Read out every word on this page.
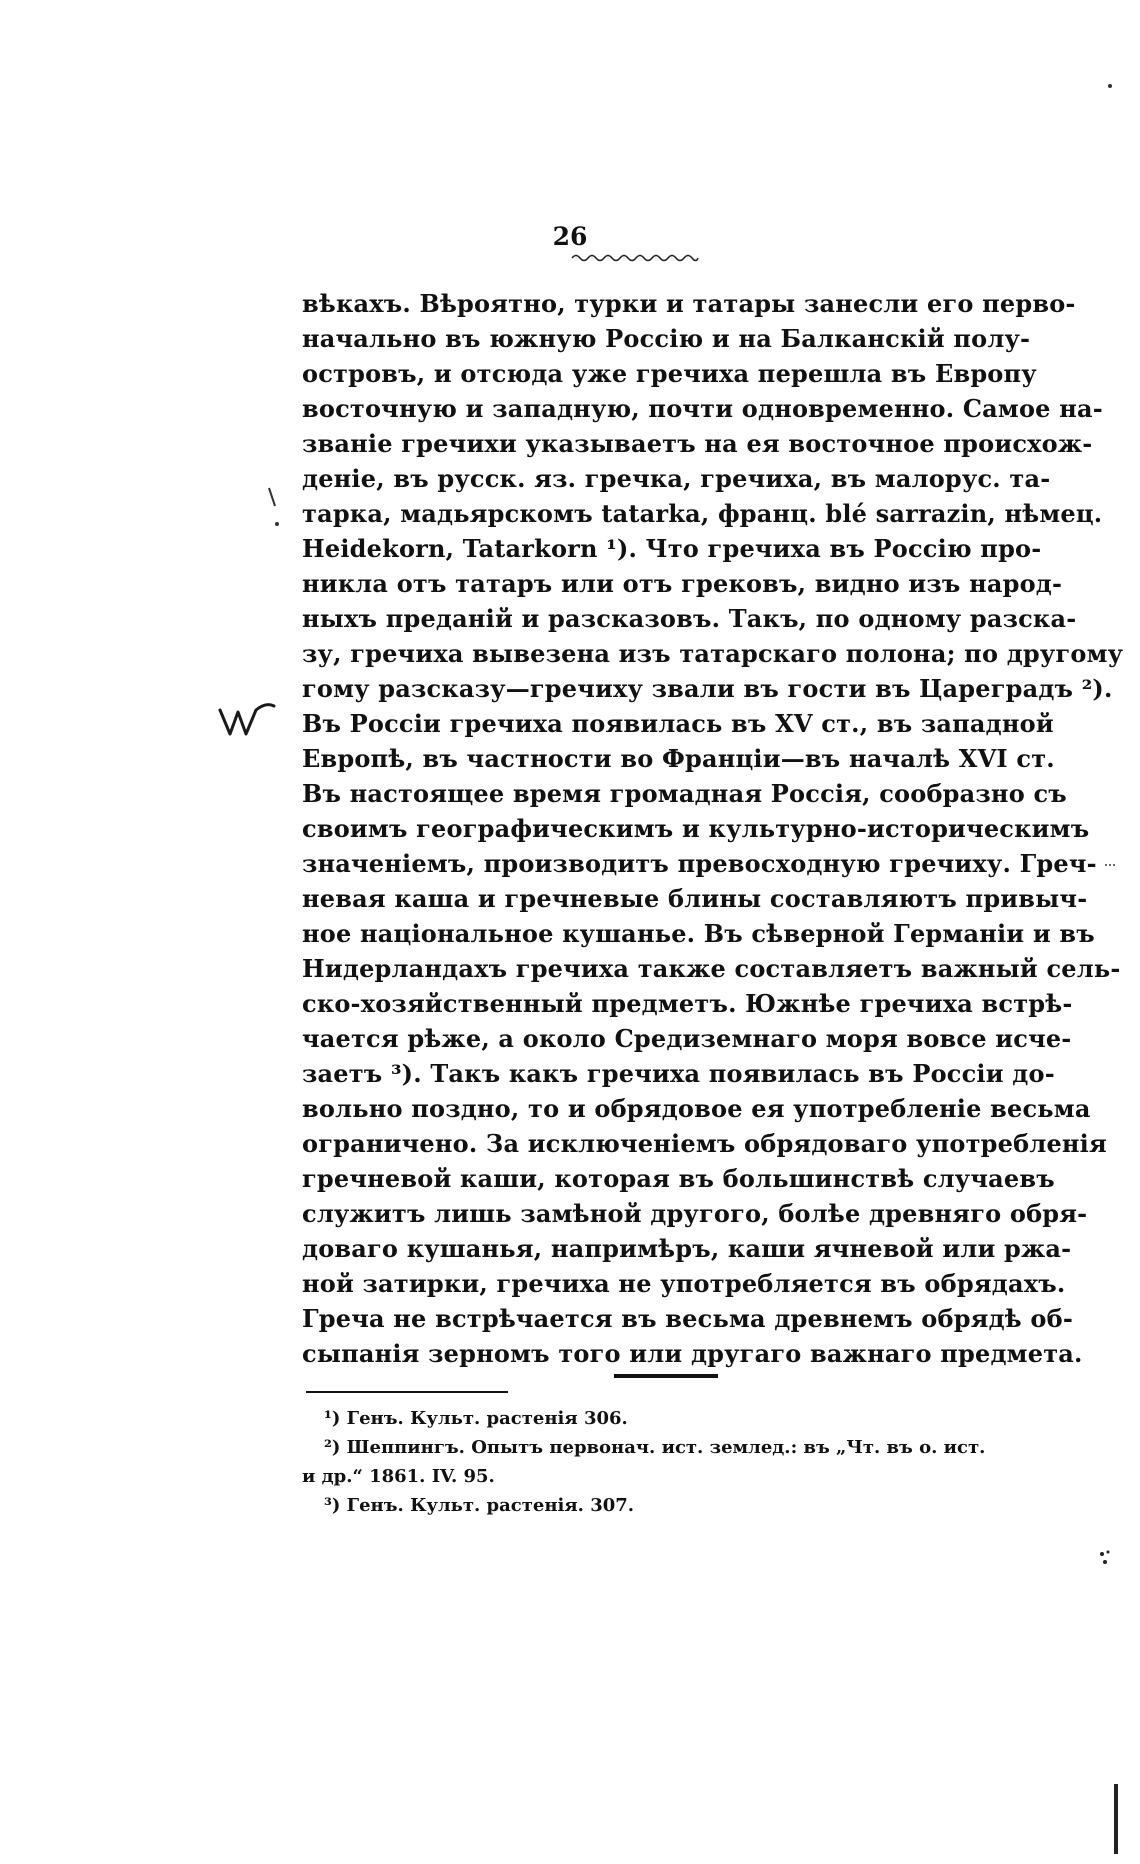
26
вѣкахъ. Вѣроятно, турки и татары занесли его перво-
начально въ южную Россію и на Балканскій полу-
островъ, и отсюда уже гречиха перешла въ Европу
восточную и западную, почти одновременно. Самое на-
званіе гречихи указываетъ на ея восточное происхож-
деніе, въ русск. яз. гречка, гречиха, въ малорус. та-
тарка, мадьярскомъ tatarka, франц. blé sarrazin, нѣмец.
Heidekorn, Tatarkorn ¹). Что гречиха въ Россію про-
никла отъ татаръ или отъ грековъ, видно изъ народ-
ныхъ преданій и разсказовъ. Такъ, по одному разска-
зу, гречиха вывезена изъ татарскаго полона; по другому
гому разсказу—гречиху звали въ гости въ Цареградъ ²).
Въ Россіи гречиха появилась въ XV ст., въ западной
Европѣ, въ частности во Франціи—въ началѣ XVI ст.
Въ настоящее время громадная Россія, сообразно съ
своимъ географическимъ и культурно-историческимъ
значеніемъ, производитъ превосходную гречиху. Греч-
невая каша и гречневые блины составляютъ привыч-
ное національное кушанье. Въ сѣверной Германіи и въ
Нидерландахъ гречиха также составляетъ важный сель-
ско-хозяйственный предметъ. Южнѣе гречиха встрѣ-
чается рѣже, а около Средиземнаго моря вовсе исче-
заетъ ³). Такъ какъ гречиха появилась въ Россіи до-
вольно поздно, то и обрядовое ея употребленіе весьма
ограничено. За исключеніемъ обрядоваго употребленія
гречневой каши, которая въ большинствѣ случаевъ
служитъ лишь замѣной другого, болѣе древняго обря-
доваго кушанья, напримѣръ, каши ячневой или ржа-
ной затирки, гречиха не употребляется въ обрядахъ.
Греча не встрѣчается въ весьма древнемъ обрядѣ об-
сыпанія зерномъ того или другаго важнаго предмета.
¹) Генъ. Культ. растенія 306.
²) Шеппингъ. Опытъ первонач. ист. землед.: въ „Чт. въ о. ист.
и др.“ 1861. IV. 95.
³) Генъ. Культ. растенія. 307.
